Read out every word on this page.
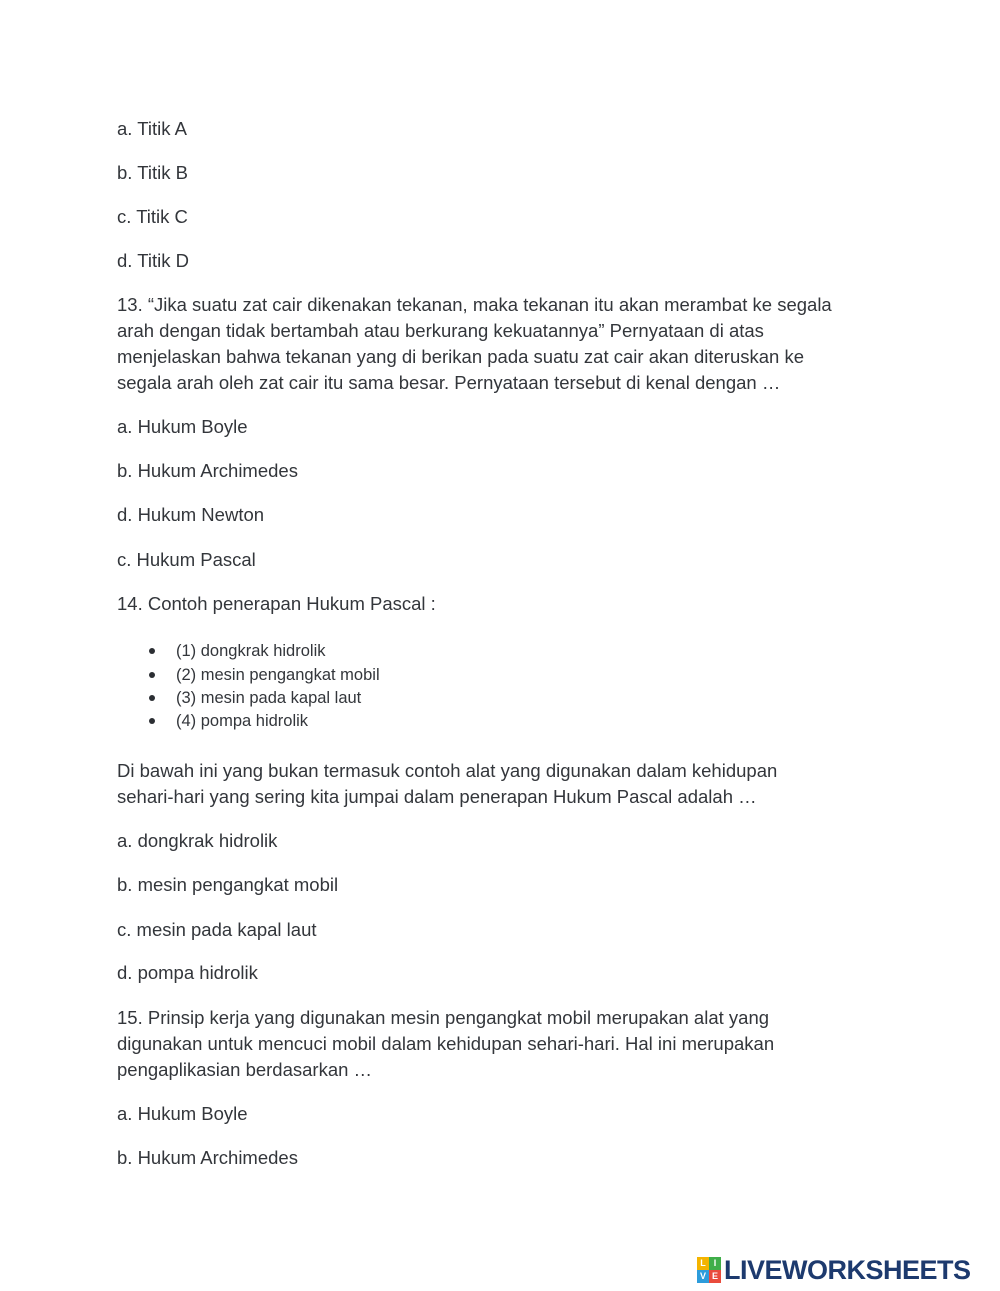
a. Titik A
b. Titik B
c. Titik C
d. Titik D
13. “Jika suatu zat cair dikenakan tekanan, maka tekanan itu akan merambat ke segala
arah dengan tidak bertambah atau berkurang kekuatannya” Pernyataan di atas
menjelaskan bahwa tekanan yang di berikan pada suatu zat cair akan diteruskan ke
segala arah oleh zat cair itu sama besar. Pernyataan tersebut di kenal dengan …
a. Hukum Boyle
b. Hukum Archimedes
d. Hukum Newton
c. Hukum Pascal
14. Contoh penerapan Hukum Pascal :
(1) dongkrak hidrolik
(2) mesin pengangkat mobil
(3) mesin pada kapal laut
(4) pompa hidrolik
Di bawah ini yang bukan termasuk contoh alat yang digunakan dalam kehidupan
sehari-hari yang sering kita jumpai dalam penerapan Hukum Pascal adalah …
a. dongkrak hidrolik
b. mesin pengangkat mobil
c. mesin pada kapal laut
d. pompa hidrolik
15. Prinsip kerja yang digunakan mesin pengangkat mobil merupakan alat yang
digunakan untuk mencuci mobil dalam kehidupan sehari-hari. Hal ini merupakan
pengaplikasian berdasarkan …
a. Hukum Boyle
b. Hukum Archimedes
L I
V E LIVEWORKSHEETS
